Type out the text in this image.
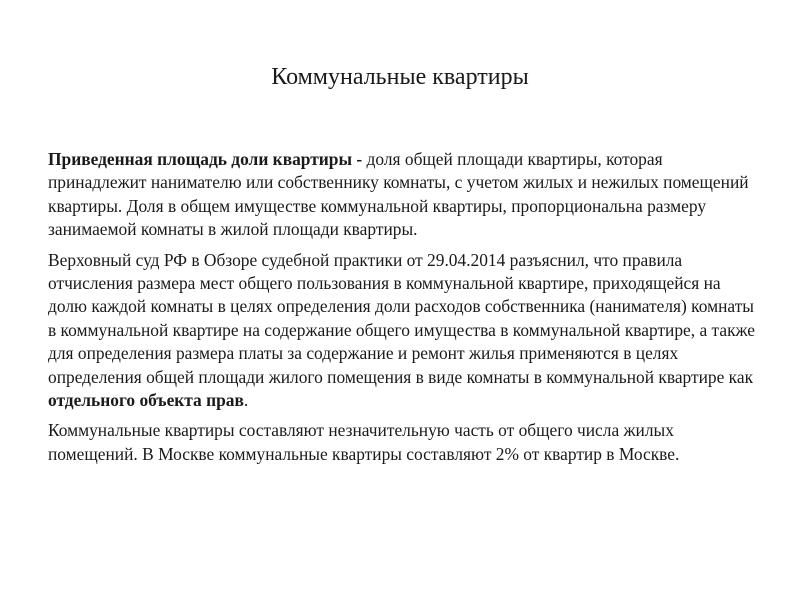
Коммунальные квартиры

Приведенная площадь доли квартиры - доля общей площади квартиры, которая принадлежит нанимателю или собственнику комнаты, с учетом жилых и нежилых помещений квартиры. Доля в общем имуществе коммунальной квартиры, пропорциональна размеру занимаемой комнаты в жилой площади квартиры.

Верховный суд РФ в Обзоре судебной практики от 29.04.2014 разъяснил, что правила отчисления размера мест общего пользования в коммунальной квартире, приходящейся на долю каждой комнаты в целях определения доли расходов собственника (нанимателя) комнаты в коммунальной квартире на содержание общего имущества в коммунальной квартире, а также для определения размера платы за содержание и ремонт жилья применяются в целях определения общей площади жилого помещения в виде комнаты в коммунальной квартире как отдельного объекта прав.

Коммунальные квартиры составляют незначительную часть от общего числа жилых помещений. В Москве коммунальные квартиры составляют 2% от квартир в Москве.
